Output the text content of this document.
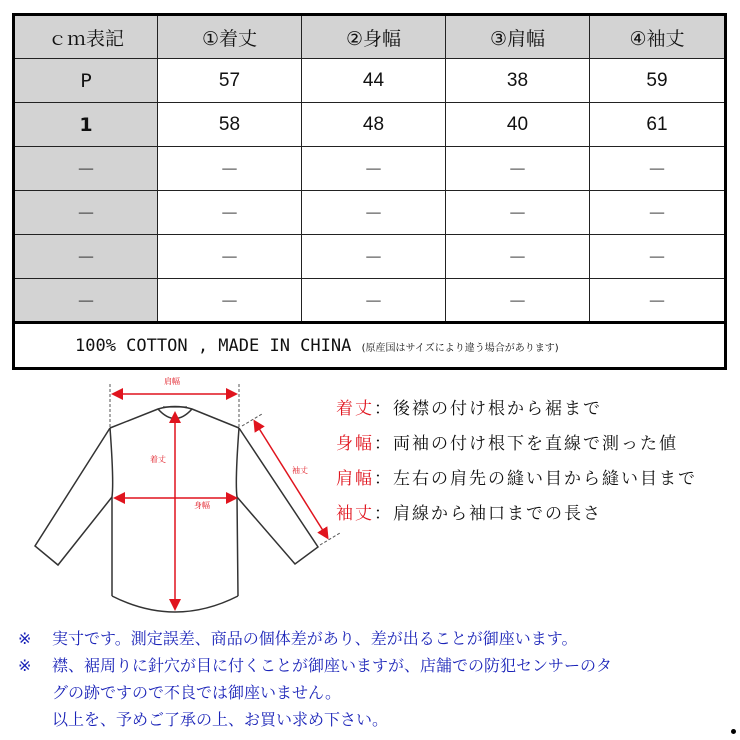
ｃｍ表記	①着丈	②身幅	③肩幅	④袖丈
P	57	44	38	59
1	58	48	40	61
－	－	－	－	－
－	－	－	－	－
－	－	－	－	－
－	－	－	－	－
100% COTTON , MADE IN CHINA (原産国はサイズにより違う場合があります)				
肩幅
着丈
身幅
袖丈
着丈：後襟の付け根から裾まで
身幅：両袖の付け根下を直線で測った値
肩幅：左右の肩先の縫い目から縫い目まで
袖丈：肩線から袖口までの長さ
※ 実寸です。測定誤差、商品の個体差があり、差が出ることが御座います。
※ 襟、裾周りに針穴が目に付くことが御座いますが、店舗での防犯センサーのタ
グの跡ですので不良では御座いません。
以上を、予めご了承の上、お買い求め下さい。
